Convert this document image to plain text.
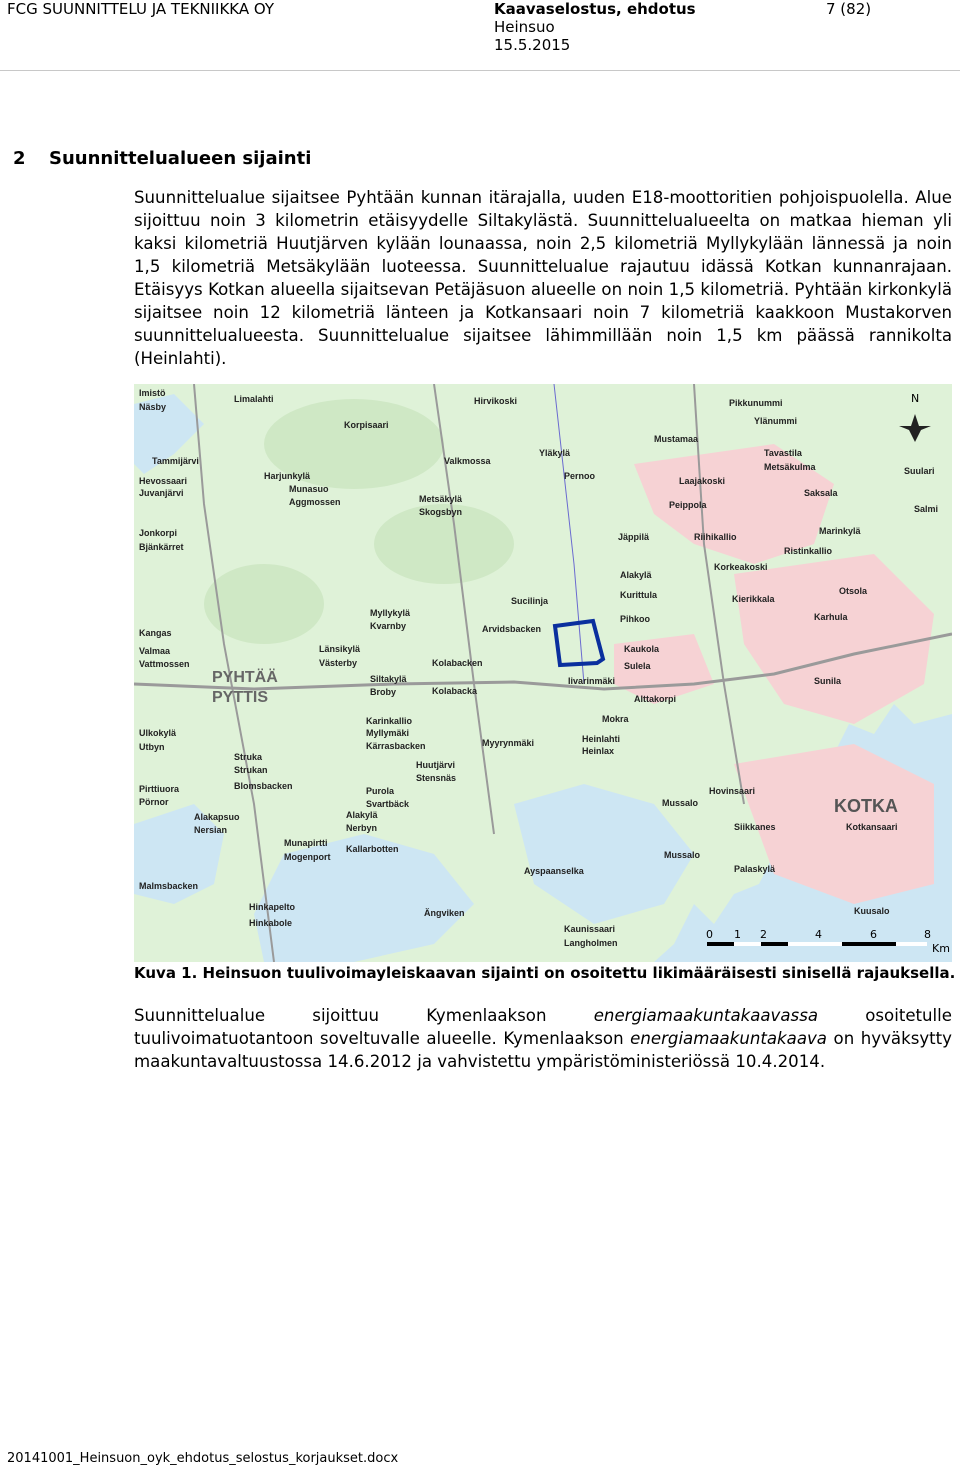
FCG SUUNNITTELU JA TEKNIIKKA OY	Kaavaselostus, ehdotus
Heinsuo
15.5.2015
7 (82)
2 Suunnittelualueen sijainti
Suunnittelualue sijaitsee Pyhtään kunnan itärajalla, uuden E18-moottoritien pohjoispuolella. Alue sijoittuu noin 3 kilometrin etäisyydelle Siltakylästä. Suunnittelualueelta on matkaa hieman yli kaksi kilometriä Huutjärven kylään lounaassa, noin 2,5 kilometriä Myllykylään lännessä ja noin 1,5 kilometriä Metsäkylään luoteessa. Suunnittelualue rajautuu idässä Kotkan kunnanrajaan. Etäisyys Kotkan alueella sijaitsevan Petäjäsuon alueelle on noin 1,5 kilometriä. Pyhtään kirkonkylä sijaitsee noin 12 kilometriä länteen ja Kotkansaari noin 7 kilometriä kaakkoon Mustakorven suunnittelualueesta. Suunnittelualue sijaitsee lähimmillään noin 1,5 km päässä rannikolta (Heinlahti).
N
0 1 2	4	6	8
Km
Imistö
Näsby
Limalahti
Korpisaari
Hirvikoski
Tammijärvi
Hevossaari
Juvanjärvi
Harjunkylä
Munasuo
Aggmossen
Valkmossa
Yläkylä
Pernoo
Tavastila
Metsäkulma
Saksala
Mustamaa
Laajakoski
Peippola
Ylänummi
Pikkunummi
Suulari
Salmi
Metsäkylä
Skogsbyn
Jäppilä	Riihikallio
Marinkylä
Ristinkallio
Korkeakoski
Alakylä
Kurittula	Kierikkala
Otsola
Karhula
Pihkoo
Jonkorpi
Bjänkärret
Myllykylä
Kvarnby
Kangas
Valmaa
Vattmossen
Länsikylä
Västerby
Arvidsbacken
Sucilinja
Kaukola
Sulela
Sunila
PYHTÄÄ
PYTTIS
Kolabacken
Kolabacka
Siltakylä
Broby
Iivarinmäki
Alttakorpi
Ulkokylä
Utbyn
Karinkallio
Myllymäki
Kärrasbacken
Mokra
Heinlahti
Heinlax
Myyrynmäki
Struka
Strukan	Huutjärvi
Stensnäs
Pirttiuora
Pörnor
Blomsbacken	Purola
Svartbäck
Alakylä
Nerbyn
Alakapsuo
Nersian
Kallarbotten
Mussalo
Hovinsaari
KOTKA
Kotkansaari
Siikkanes
Mogenport
Munapirtti
Ayspaanselka
Mussalo
Palaskylä
Malmsbacken
Kuusalo
Hinkapelto
Hinkabole
Kaunissaari
Langholmen
Ängviken
Kuva 1. Heinsuon tuulivoimayleiskaavan sijainti on osoitettu likimääräisesti sinisellä rajauksella.
Suunnittelualue sijoittuu Kymenlaakson energiamaakuntakaavassa osoitetulle tuulivoimatuotantoon soveltuvalle alueelle. Kymenlaakson energiamaakuntakaava on hyväksytty maakuntavaltuustossa 14.6.2012 ja vahvistettu ympäristöministeriössä 10.4.2014.
20141001_Heinsuon_oyk_ehdotus_selostus_korjaukset.docx
